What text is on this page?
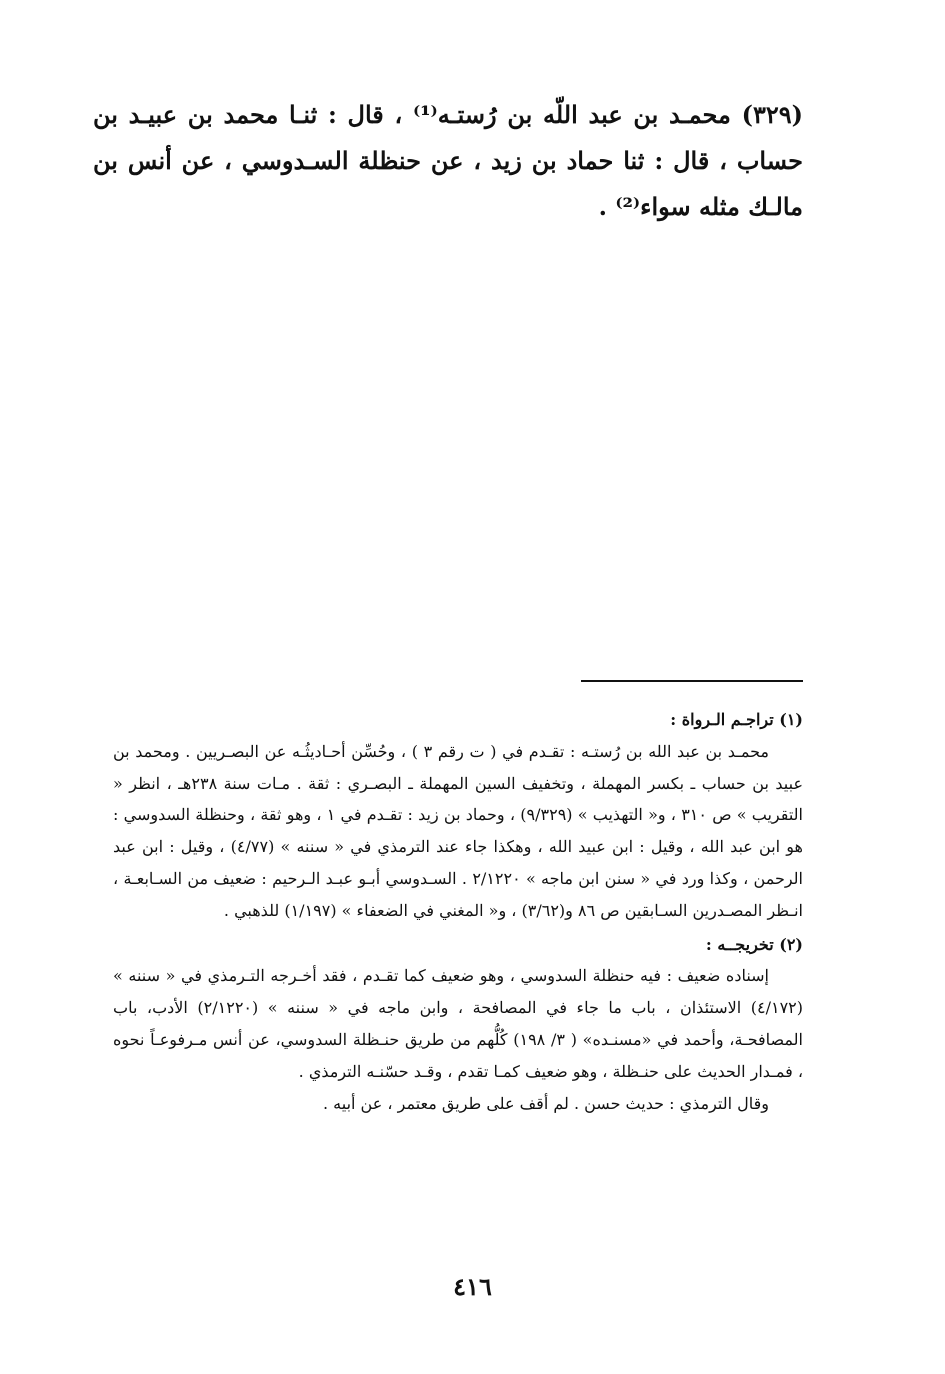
(٣٢٩) محمـد بن عبد اللّه بن رُستـه⁽¹⁾ ، قال : ثنـا محمد بن عبيـد بن حساب ، قال : ثنا حماد بن زيد ، عن حنظلة السـدوسي ، عن أنس بن مالـك مثله سواء⁽²⁾ .

(١) تراجـم الـرواة :
محمـد بن عبد الله بن رُستـه : تقـدم في ( ت رقم ٣ ) ، وحُسِّن أحـاديثُـه عن البصـريين . ومحمد بن عبيد بن حساب ـ بكسر المهملة ، وتخفيف السين المهملة ـ البصـري : ثقة . مـات سنة ٢٣٨هـ ، انظر « التقريب » ص ٣١٠ ، و« التهذيب » (٩/٣٢٩) ، وحماد بن زيد : تقـدم في ١ ، وهو ثقة ، وحنظلة السدوسي : هو ابن عبد الله ، وقيل : ابن عبيد الله ، وهكذا جاء عند الترمذي في « سننه » (٤/٧٧) ، وقيل : ابن عبد الرحمن ، وكذا ورد في « سنن ابن ماجه » ٢/١٢٢٠ . السـدوسي أبـو عبـد الـرحيم : ضعيف من السـابعـة ، انـظر المصـدرين السـابقين ص ٨٦ و(٣/٦٢) ، و« المغني في الضعفاء » (١/١٩٧) للذهبي .
(٢) تخريجــه :
إسناده ضعيف : فيه حنظلة السدوسي ، وهو ضعيف كما تقـدم ، فقد أخـرجه التـرمذي في « سننه » (٤/١٧٢) الاستئذان ، باب ما جاء في المصافحة ، وابن ماجه في « سننه » (٢/١٢٢٠) الأدب، باب المصافحـة، وأحمد في «مسنـده» ( ٣/ ١٩٨) كُلُّهم من طريق حنـظلة السدوسي، عن أنس مـرفوعـاً نحوه ، فمـدار الحديث على حنـظلة ، وهو ضعيف كمـا تقدم ، وقـد حسّنـه الترمذي .
وقال الترمذي : حديث حسن . لم أقف على طريق معتمر ، عن أبيه .
٤١٦
